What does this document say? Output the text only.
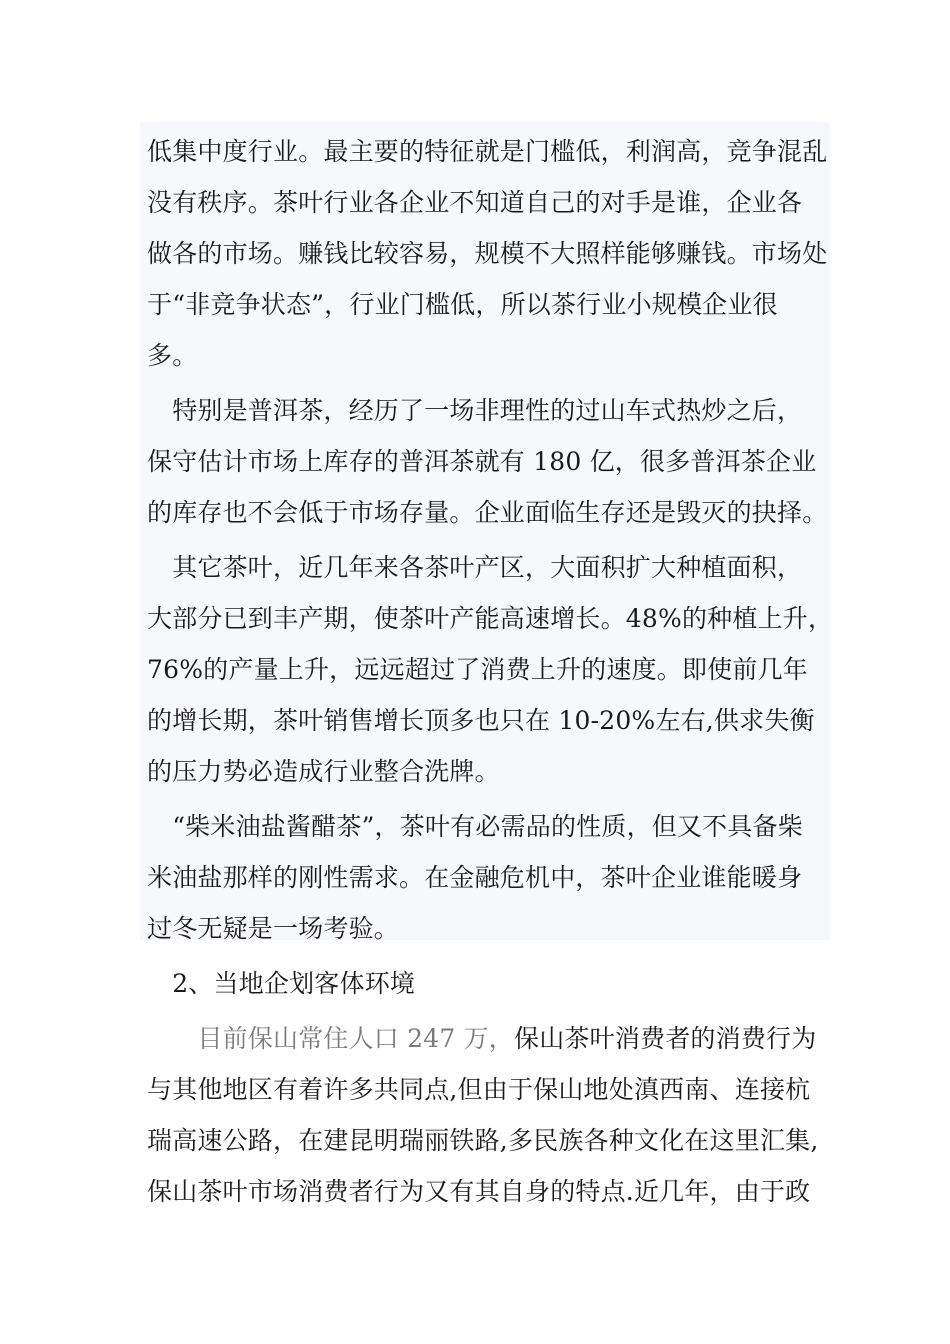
低集中度行业。最主要的特征就是门槛低，利润高，竞争混乱
没有秩序。茶叶行业各企业不知道自己的对手是谁，企业各
做各的市场。赚钱比较容易，规模不大照样能够赚钱。市场处
于“非竞争状态”，行业门槛低，所以茶行业小规模企业很
多。
　特别是普洱茶，经历了一场非理性的过山车式热炒之后，
保守估计市场上库存的普洱茶就有 180 亿，很多普洱茶企业
的库存也不会低于市场存量。企业面临生存还是毁灭的抉择。
　其它茶叶，近几年来各茶叶产区，大面积扩大种植面积，
大部分已到丰产期，使茶叶产能高速增长。48%的种植上升，
76%的产量上升，远远超过了消费上升的速度。即使前几年
的增长期，茶叶销售增长顶多也只在 10-20%左右,供求失衡
的压力势必造成行业整合洗牌。
　“柴米油盐酱醋茶”，茶叶有必需品的性质，但又不具备柴
米油盐那样的刚性需求。在金融危机中，茶叶企业谁能暖身
过冬无疑是一场考验。
　2、当地企划客体环境
　　目前保山常住人口 247 万，保山茶叶消费者的消费行为
与其他地区有着许多共同点,但由于保山地处滇西南、连接杭
瑞高速公路，在建昆明瑞丽铁路,多民族各种文化在这里汇集,
保山茶叶市场消费者行为又有其自身的特点.近几年，由于政
